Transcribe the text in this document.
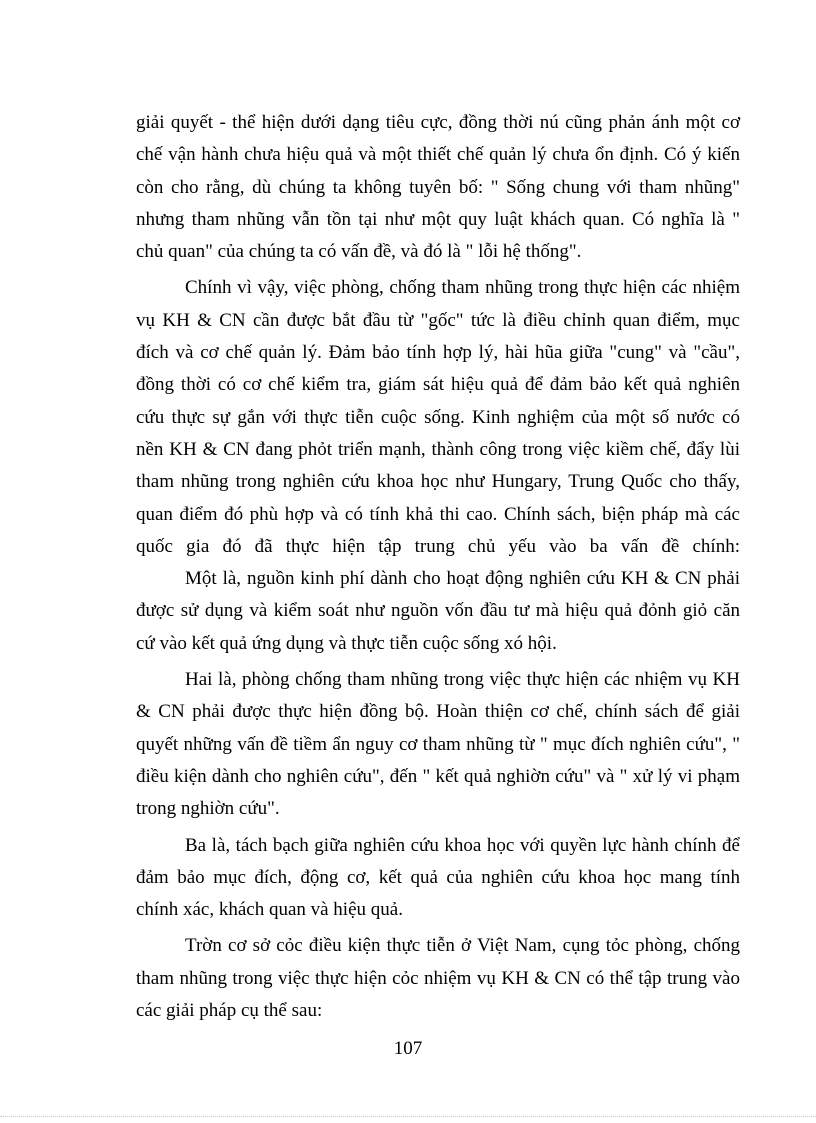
giải quyết - thể hiện dưới dạng tiêu cực, đồng thời nú cũng phản ánh một cơ
chế vận hành chưa hiệu quả và một thiết chế quản lý chưa ổn định. Có ý kiến
còn cho rằng, dù chúng ta không tuyên bố: " Sống chung với tham nhũng"
nhưng tham nhũng vẫn tồn tại như một quy luật khách quan. Có nghĩa là "
chủ quan" của chúng ta có vấn đề, và đó là " lỗi hệ thống".
Chính vì vậy, việc phòng, chống tham nhũng trong thực hiện các nhiệm
vụ KH & CN cần được bắt đầu từ "gốc" tức là điều chỉnh quan điểm, mục
đích và cơ chế quản lý. Đảm bảo tính hợp lý, hài hũa giữa "cung" và "cầu",
đồng thời có cơ chế kiểm tra, giám sát hiệu quả để đảm bảo kết quả nghiên
cứu thực sự gắn với thực tiễn cuộc sống. Kinh nghiệm của một số nước có
nền KH & CN đang phỏt triển mạnh, thành công trong việc kiềm chế, đẩy lùi
tham nhũng trong nghiên cứu khoa học như Hungary, Trung Quốc cho thấy,
quan điểm đó phù hợp và có tính khả thi cao. Chính sách, biện pháp mà các
quốc gia đó đã thực hiện tập trung chủ yếu vào ba vấn đề chính:
Một là, nguồn kinh phí dành cho hoạt động nghiên cứu KH & CN phải
được sử dụng và kiểm soát như nguồn vốn đầu tư mà hiệu quả đỏnh giỏ căn
cứ vào kết quả ứng dụng và thực tiễn cuộc sống xó hội.
Hai là, phòng chống tham nhũng trong việc thực hiện các nhiệm vụ KH
& CN phải được thực hiện đồng bộ. Hoàn thiện cơ chế, chính sách để giải
quyết những vấn đề tiềm ẩn nguy cơ tham nhũng từ " mục đích nghiên cứu", "
điều kiện dành cho nghiên cứu", đến " kết quả nghiờn cứu" và " xử lý vi phạm
trong nghiờn cứu".
Ba là, tách bạch giữa nghiên cứu khoa học với quyền lực hành chính để
đảm bảo mục đích, động cơ, kết quả của nghiên cứu khoa học mang tính
chính xác, khách quan và hiệu quả.
Trờn cơ sở cỏc điều kiện thực tiễn ở Việt Nam, cụng tỏc phòng, chống
tham nhũng trong việc thực hiện cỏc nhiệm vụ KH & CN có thể tập trung vào
các giải pháp cụ thể sau:
107
